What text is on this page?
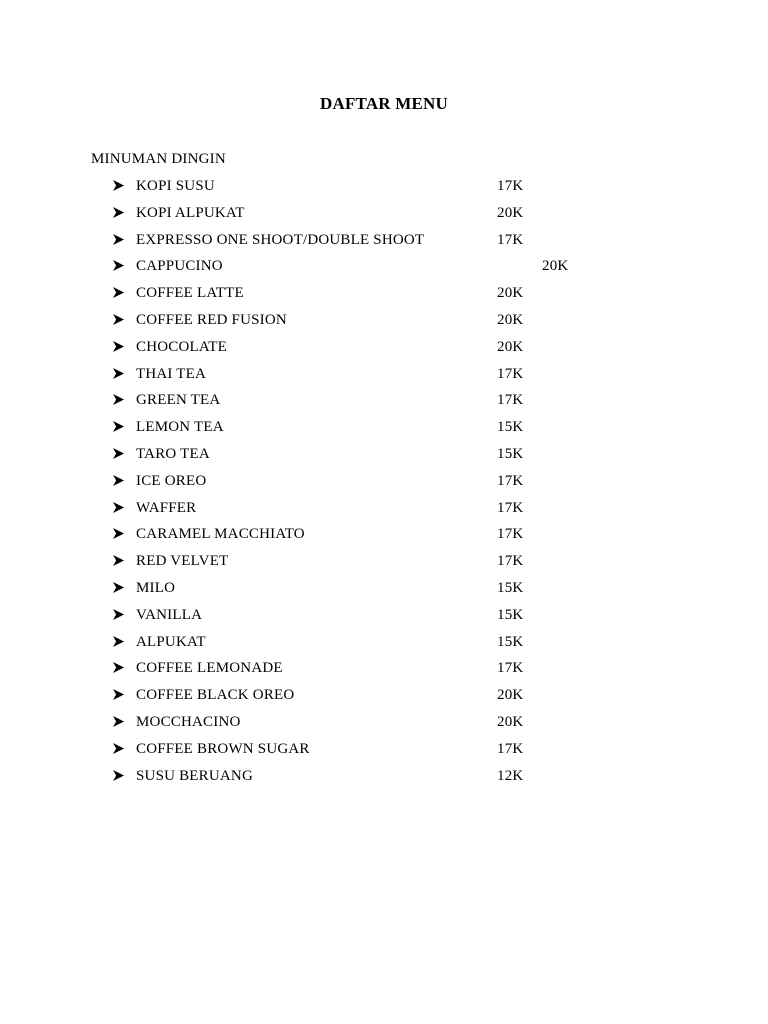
DAFTAR MENU
MINUMAN DINGIN
KOPI SUSU	17K
KOPI ALPUKAT	20K
EXPRESSO ONE SHOOT/DOUBLE SHOOT	17K
CAPPUCINO	20K
COFFEE LATTE	20K
COFFEE RED FUSION	20K
CHOCOLATE	20K
THAI TEA	17K
GREEN TEA	17K
LEMON TEA	15K
TARO TEA	15K
ICE OREO	17K
WAFFER	17K
CARAMEL MACCHIATO	17K
RED VELVET	17K
MILO	15K
VANILLA	15K
ALPUKAT	15K
COFFEE LEMONADE	17K
COFFEE BLACK OREO	20K
MOCCHACINO	20K
COFFEE BROWN SUGAR	17K
SUSU BERUANG	12K
